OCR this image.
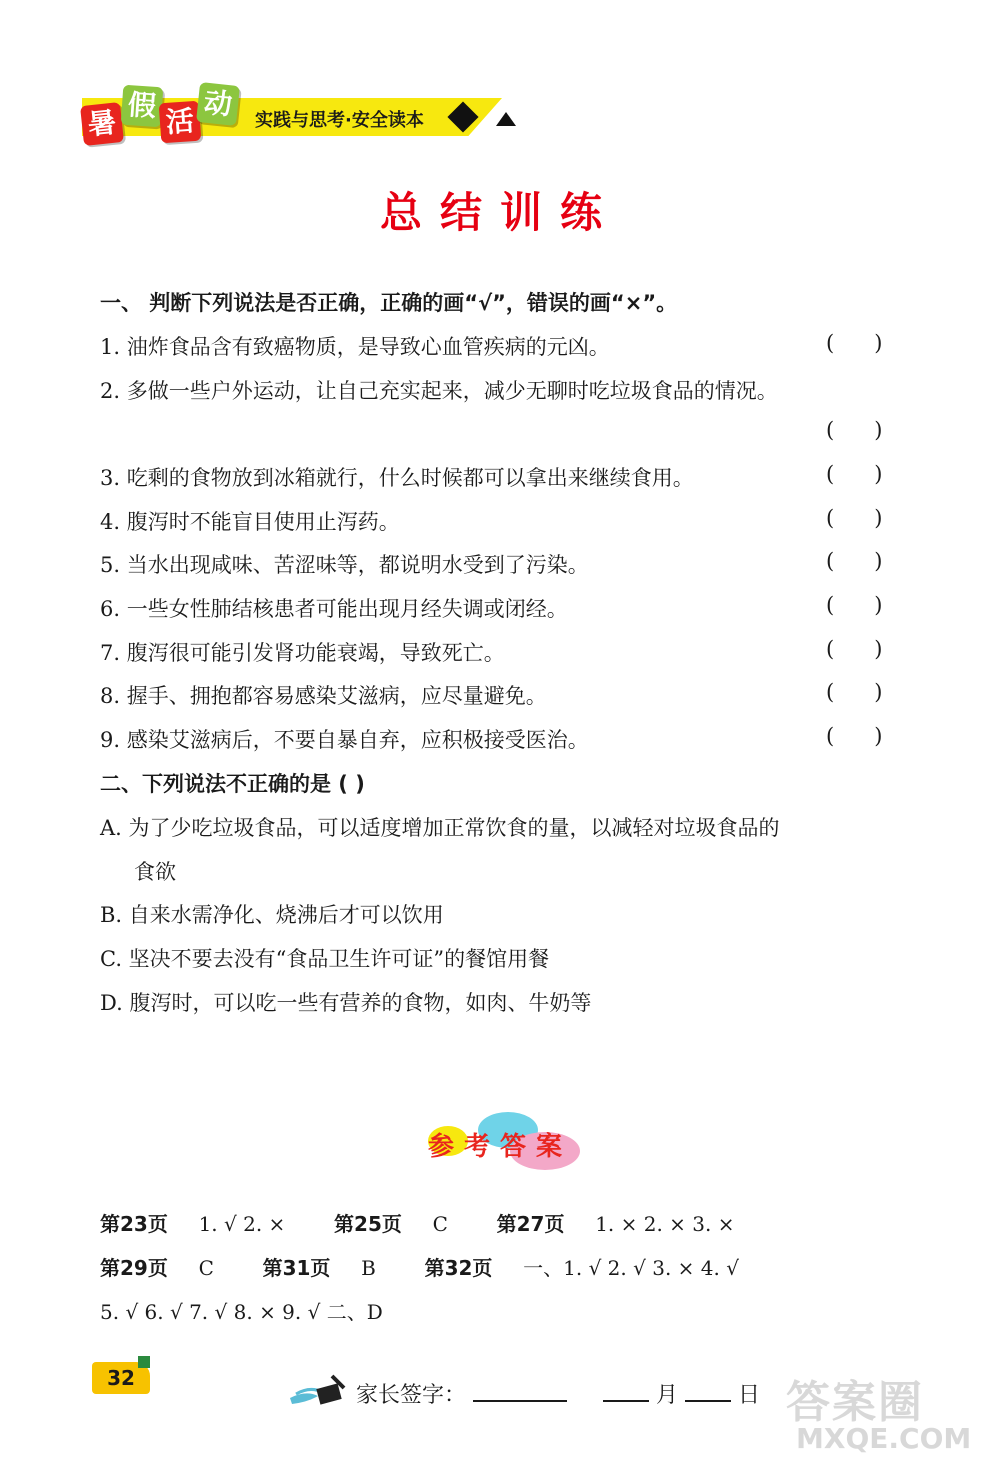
暑
假 活
动	实践与思考·安全读本
总结训练
一、 判断下列说法是否正确，正确的画“√”，错误的画“×”。
1. 油炸食品含有致癌物质，是导致心血管疾病的元凶。	(      )
2. 多做一些户外运动，让自己充实起来，减少无聊时吃垃圾食品的情况。
(      )
3. 吃剩的食物放到冰箱就行，什么时候都可以拿出来继续食用。	(      )
4. 腹泻时不能盲目使用止泻药。	(      )
5. 当水出现咸味、苦涩味等，都说明水受到了污染。	(      )
6. 一些女性肺结核患者可能出现月经失调或闭经。	(      )
7. 腹泻很可能引发肾功能衰竭，导致死亡。	(      )
8. 握手、拥抱都容易感染艾滋病，应尽量避免。	(      )
9. 感染艾滋病后，不要自暴自弃，应积极接受医治。	(      )
二、下列说法不正确的是 ( )
A. 为了少吃垃圾食品，可以适度增加正常饮食的量，以减轻对垃圾食品的
食欲
B. 自来水需净化、烧沸后才可以饮用
C. 坚决不要去没有“食品卫生许可证”的餐馆用餐
D. 腹泻时，可以吃一些有营养的食物，如肉、牛奶等
参考答案
第23页 1. √ 2. × 第25页 C 第27页 1. × 2. × 3. ×
第29页 C 第31页 B 第32页 一、1. √ 2. √ 3. × 4. √
5. √ 6. √ 7. √ 8. × 9. √ 二、D
32
家长签字：	月	日 答案圈
MXQE.COM
